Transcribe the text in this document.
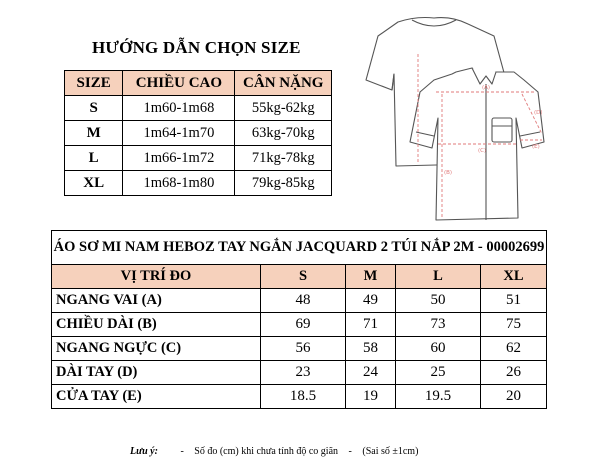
HƯỚNG DẪN CHỌN SIZE
SIZE	CHIỀU CAO	CÂN NẶNG
S	1m60-1m68	55kg-62kg
M	1m64-1m70	63kg-70kg
L	1m66-1m72	71kg-78kg
XL	1m68-1m80	79kg-85kg
(A)
(B)
(C)
(D)
(E)
ÁO SƠ MI NAM HEBOZ TAY NGẮN JACQUARD 2 TÚI NẮP 2M - 00002699
VỊ TRÍ ĐO	S	M	L	XL
NGANG VAI (A)	48	49	50	51
CHIỀU DÀI (B)	69	71	73	75
NGANG NGỰC (C)	56	58	60	62
DÀI TAY (D)	23	24	25	26
CỬA TAY (E)	18.5	19	19.5	20
Lưu ý: - Số đo (cm) khi chưa tính độ co giãn - (Sai số ±1cm)
